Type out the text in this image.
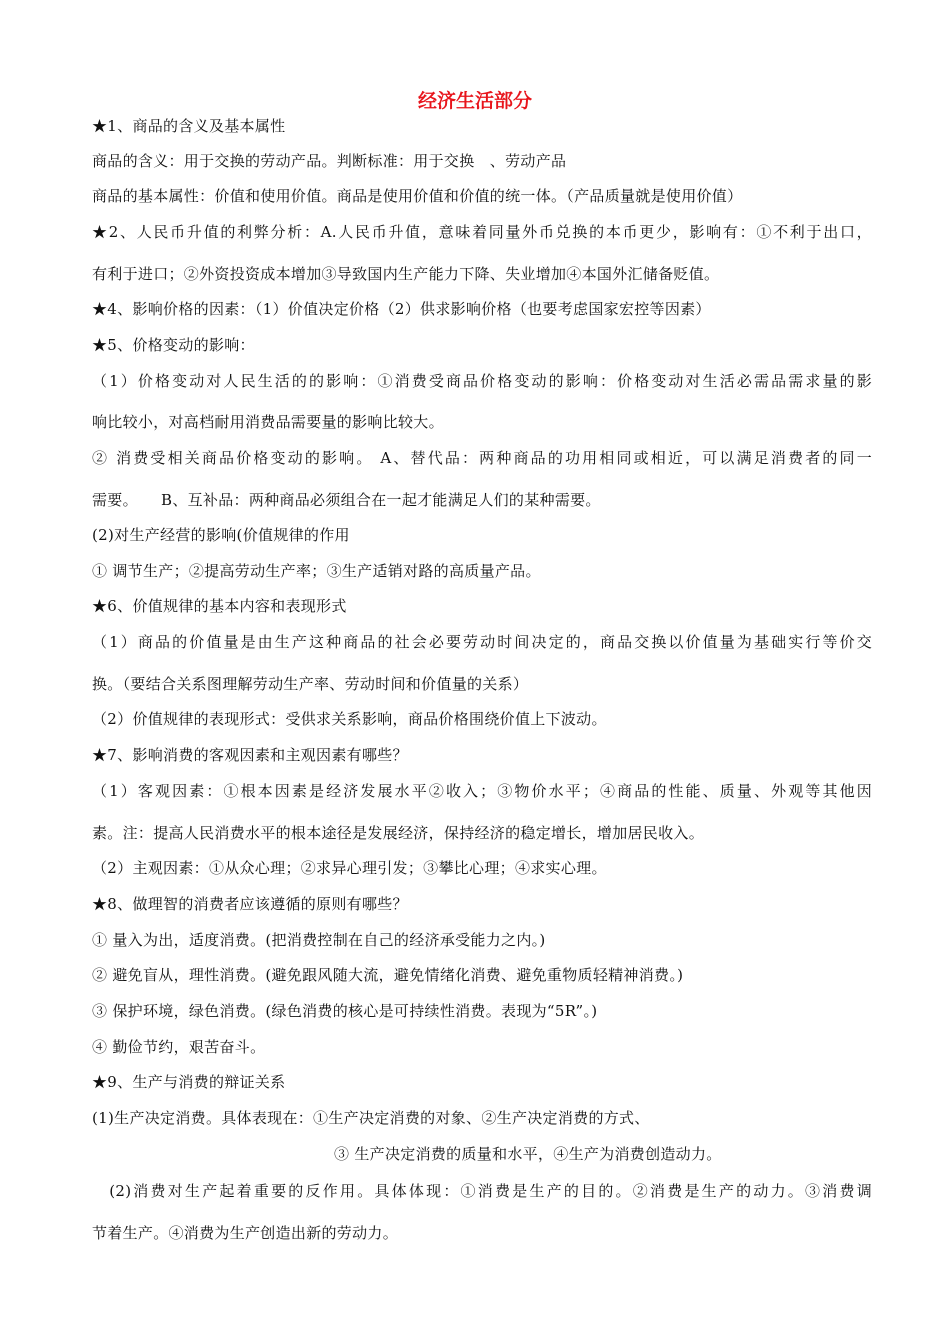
经济生活部分
★1、商品的含义及基本属性
商品的含义：用于交换的劳动产品。判断标准：用于交换　、劳动产品
商品的基本属性：价值和使用价值。商品是使用价值和价值的统一体。（产品质量就是使用价值）
★2、人民币升值的利弊分析：A.人民币升值，意味着同量外币兑换的本币更少，影响有：①不利于出口，
有利于进口；②外资投资成本增加③导致国内生产能力下降、失业增加④本国外汇储备贬值。
★4、影响价格的因素：（1）价值决定价格（2）供求影响价格（也要考虑国家宏控等因素）
★5、价格变动的影响：
（1）价格变动对人民生活的的影响：①消费受商品价格变动的影响：价格变动对生活必需品需求量的影
响比较小，对高档耐用消费品需要量的影响比较大。
② 消费受相关商品价格变动的影响。 A、替代品：两种商品的功用相同或相近，可以满足消费者的同一
需要。　　B、互补品：两种商品必须组合在一起才能满足人们的某种需要。
(2)对生产经营的影响(价值规律的作用
① 调节生产；②提高劳动生产率；③生产适销对路的高质量产品。
★6、价值规律的基本内容和表现形式
（1）商品的价值量是由生产这种商品的社会必要劳动时间决定的，商品交换以价值量为基础实行等价交
换。（要结合关系图理解劳动生产率、劳动时间和价值量的关系）
（2）价值规律的表现形式：受供求关系影响，商品价格围绕价值上下波动。
★7、影响消费的客观因素和主观因素有哪些？
（1）客观因素：①根本因素是经济发展水平②收入；③物价水平；④商品的性能、质量、外观等其他因
素。注：提高人民消费水平的根本途径是发展经济，保持经济的稳定增长，增加居民收入。
（2）主观因素：①从众心理；②求异心理引发；③攀比心理；④求实心理。
★8、做理智的消费者应该遵循的原则有哪些？
① 量入为出，适度消费。(把消费控制在自己的经济承受能力之内。)
② 避免盲从，理性消费。(避免跟风随大流，避免情绪化消费、避免重物质轻精神消费。)
③ 保护环境，绿色消费。(绿色消费的核心是可持续性消费。表现为“5R”。)
④ 勤俭节约，艰苦奋斗。
★9、生产与消费的辩证关系
(1)生产决定消费。具体表现在：①生产决定消费的对象、②生产决定消费的方式、
③ 生产决定消费的质量和水平，④生产为消费创造动力。
　(2)消费对生产起着重要的反作用。具体体现：①消费是生产的目的。②消费是生产的动力。③消费调
节着生产。④消费为生产创造出新的劳动力。
